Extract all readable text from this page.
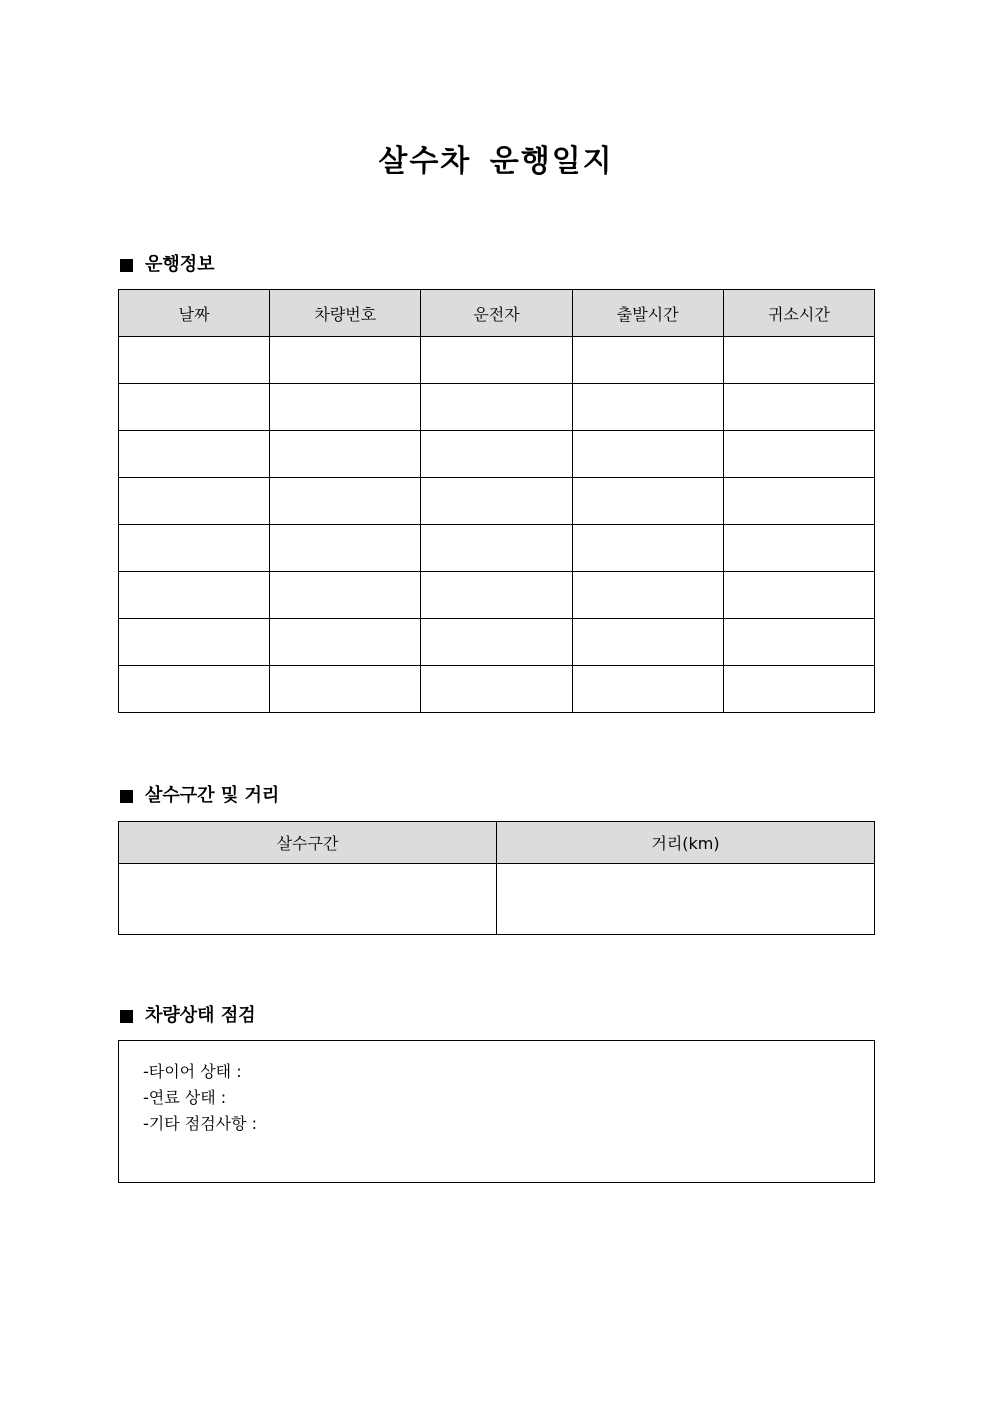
살수차 운행일지
운행정보
날짜	차량번호	운전자	출발시간	귀소시간

살수구간 및 거리
살수구간	거리(km)

차량상태 점검
-타이어 상태 :
-연료 상태 :
-기타 점검사항 :
